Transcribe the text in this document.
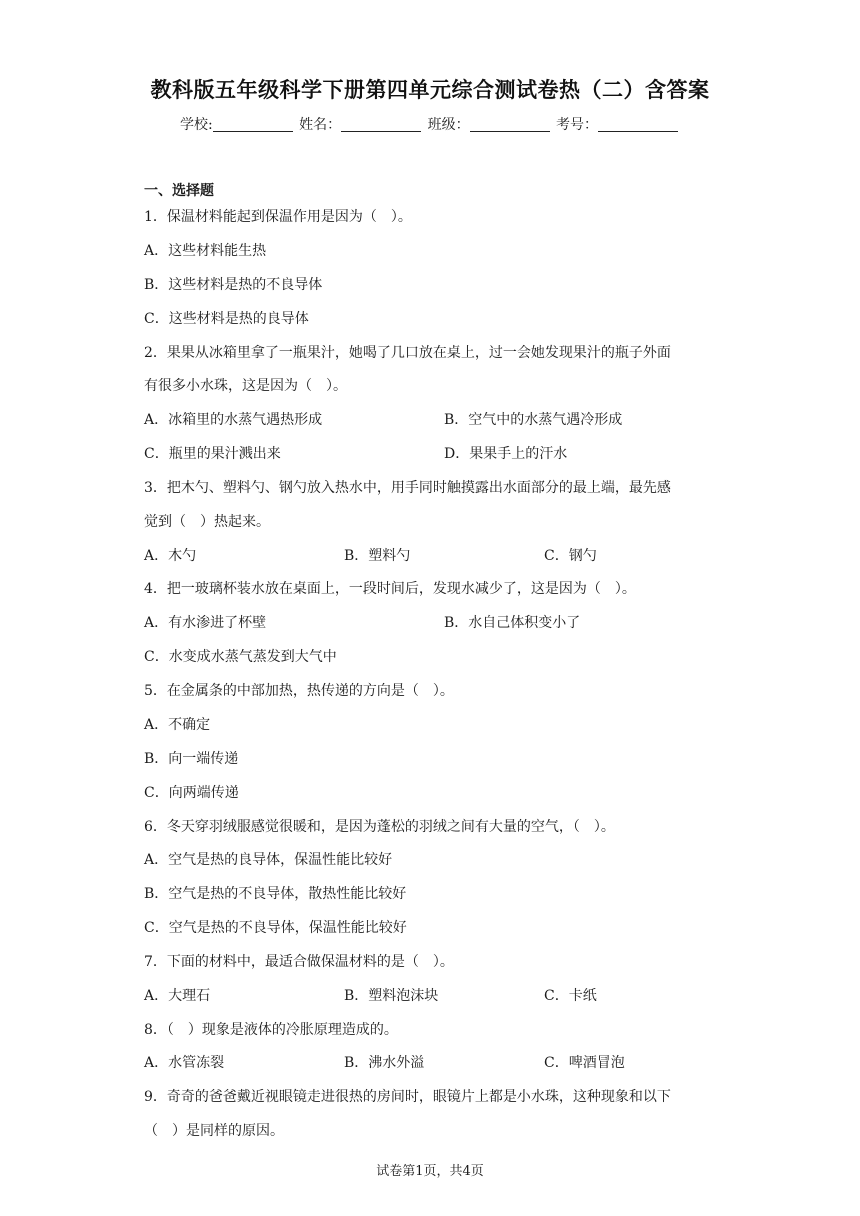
教科版五年级科学下册第四单元综合测试卷热（二）含答案
学校:	姓名：	班级：	考号：
一、选择题
1．保温材料能起到保温作用是因为（　）。
A．这些材料能生热
B．这些材料是热的不良导体
C．这些材料是热的良导体
2．果果从冰箱里拿了一瓶果汁，她喝了几口放在桌上，过一会她发现果汁的瓶子外面
有很多小水珠，这是因为（　）。
A．冰箱里的水蒸气遇热形成	B．空气中的水蒸气遇冷形成
C．瓶里的果汁溅出来	D．果果手上的汗水
3．把木勺、塑料勺、钢勺放入热水中，用手同时触摸露出水面部分的最上端，最先感
觉到（　）热起来。
A．木勺	B．塑料勺	C．钢勺
4．把一玻璃杯装水放在桌面上，一段时间后，发现水减少了，这是因为（　）。
A．有水渗进了杯壁	B．水自己体积变小了
C．水变成水蒸气蒸发到大气中
5．在金属条的中部加热，热传递的方向是（　）。
A．不确定
B．向一端传递
C．向两端传递
6．冬天穿羽绒服感觉很暖和，是因为蓬松的羽绒之间有大量的空气，（　）。
A．空气是热的良导体，保温性能比较好
B．空气是热的不良导体，散热性能比较好
C．空气是热的不良导体，保温性能比较好
7．下面的材料中，最适合做保温材料的是（　）。
A．大理石	B．塑料泡沫块	C．卡纸
8．（　）现象是液体的冷胀原理造成的。
A．水管冻裂	B．沸水外溢	C．啤酒冒泡
9．奇奇的爸爸戴近视眼镜走进很热的房间时，眼镜片上都是小水珠，这种现象和以下
（　）是同样的原因。
试卷第1页，共4页
